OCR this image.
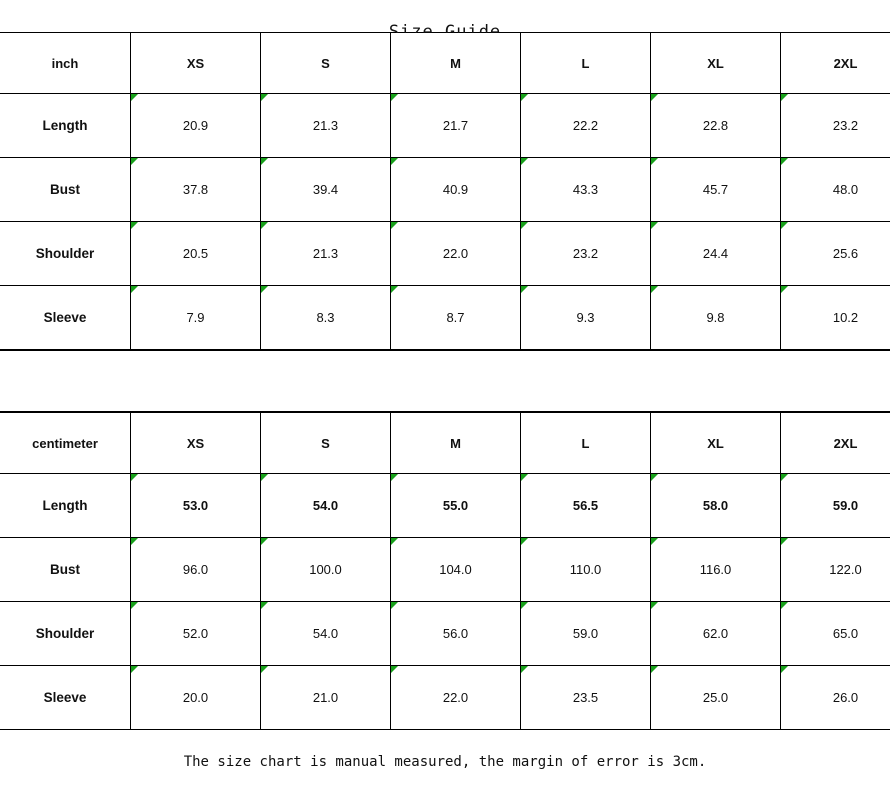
inch	XS	S	M	L	XL	2XL
Length	20.9	21.3	21.7	22.2	22.8	23.2
Bust	37.8	39.4	40.9	43.3	45.7	48.0
Shoulder	20.5	21.3	22.0	23.2	24.4	25.6
Sleeve	7.9	8.3	8.7	9.3	9.8	10.2
centimeter	XS	S	M	L	XL	2XL
Length	53.0	54.0	55.0	56.5	58.0	59.0
Bust	96.0	100.0	104.0	110.0	116.0	122.0
Shoulder	52.0	54.0	56.0	59.0	62.0	65.0
Sleeve	20.0	21.0	22.0	23.5	25.0	26.0
The size chart is manual measured, the margin of error is 3cm.
